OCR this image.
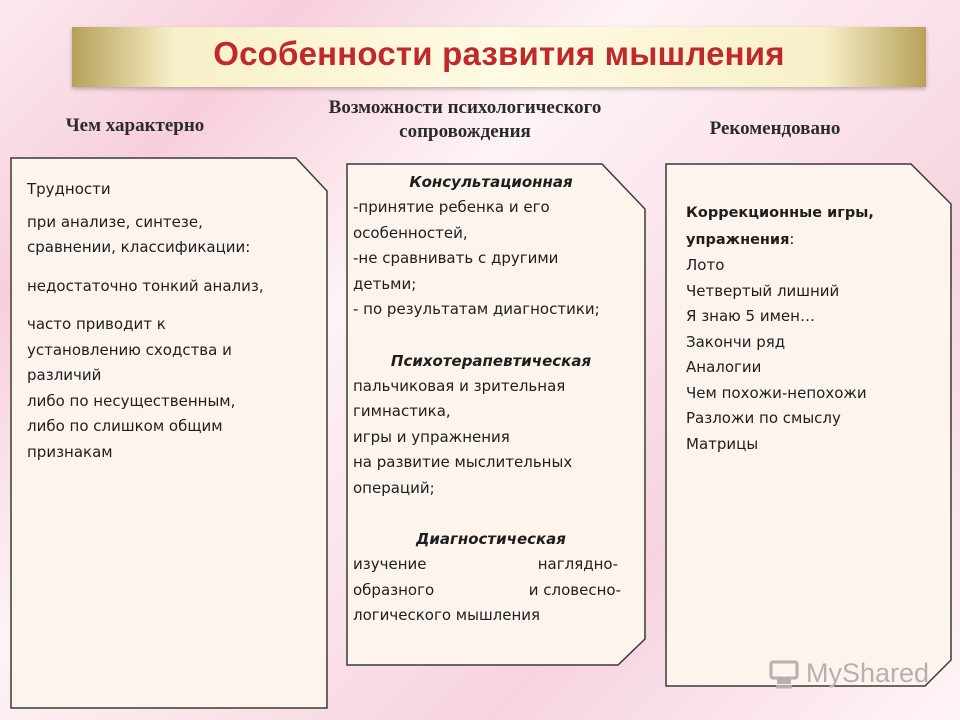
Особенности развития мышления
Чем характерно
Возможности психологического
сопровождения	Рекомендовано
Трудности
при анализе, синтезе,
сравнении, классификации:
недостаточно тонкий анализ,
часто приводит к
установлению сходства и
различий
либо по несущественным,
либо по слишком общим
признакам
Консультационная
-принятие ребенка и его
особенностей,
-не сравнивать с другими
детьми;
- по результатам диагностики;
Психотерапевтическая
пальчиковая и зрительная
гимнастика,
игры и упражнения
на развитие мыслительных
операций;
Диагностическая
изучение	наглядно-
образного	и словесно-
логического мышления
Коррекционные игры,
упражнения:
Лото
Четвертый лишний
Я знаю 5 имен…
Закончи ряд
Аналогии
Чем похожи-непохожи
Разложи по смыслу
Матрицы
MyShared
